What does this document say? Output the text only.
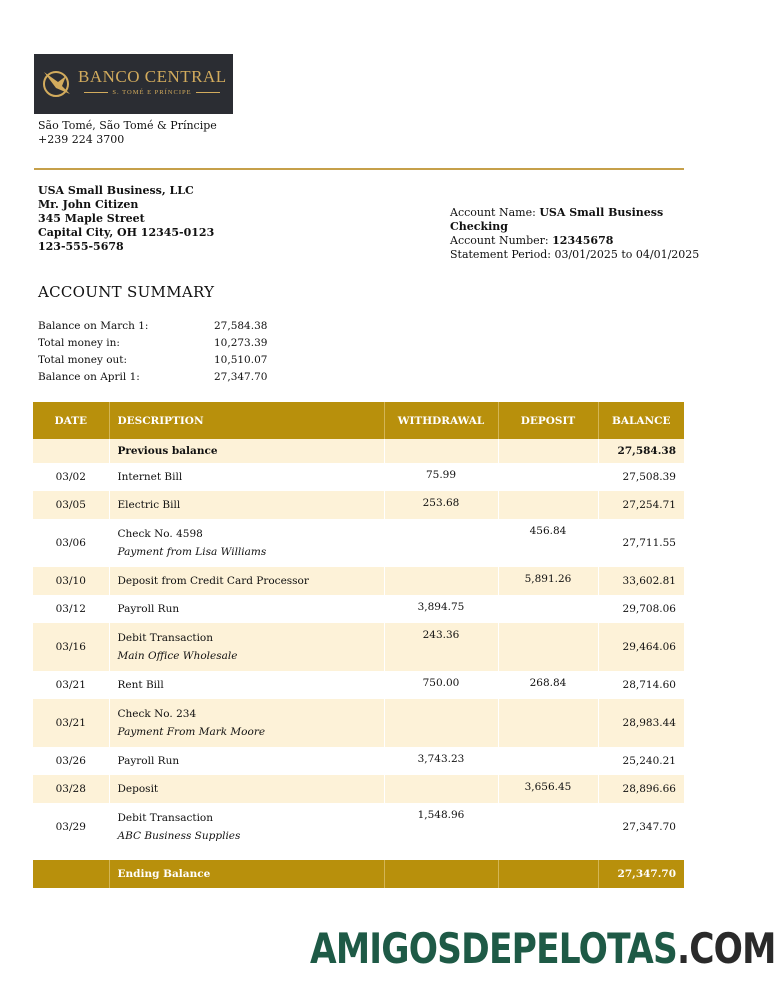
BANCO CENTRAL
S. TOMÉ E PRÍNCIPE
São Tomé, São Tomé & Príncipe
+239 224 3700
USA Small Business, LLC
Mr. John Citizen
345 Maple Street
Capital City, OH 12345-0123
123-555-5678
Account Name: USA Small Business Checking
Account Number: 12345678
Statement Period: 03/01/2025 to 04/01/2025
ACCOUNT SUMMARY
Balance on March 1:	27,584.38
Total money in:	10,273.39
Total money out:	10,510.07
Balance on April 1:	27,347.70
DATE	DESCRIPTION	WITHDRAWAL	DEPOSIT	BALANCE
	Previous balance			27,584.38
03/02	Internet Bill	75.99		27,508.39
03/05	Electric Bill	253.68		27,254.71
03/06	Check No. 4598
Payment from Lisa Williams		456.84	27,711.55
03/10	Deposit from Credit Card Processor		5,891.26	33,602.81
03/12	Payroll Run	3,894.75		29,708.06
03/16	Debit Transaction
Main Office Wholesale	243.36		29,464.06
03/21	Rent Bill	750.00	268.84	28,714.60
03/21	Check No. 234
Payment From Mark Moore			28,983.44
03/26	Payroll Run	3,743.23		25,240.21
03/28	Deposit		3,656.45	28,896.66
03/29	Debit Transaction
ABC Business Supplies	1,548.96		27,347.70

	Ending Balance			27,347.70
AMIGOSDEPELOTAS.COM
